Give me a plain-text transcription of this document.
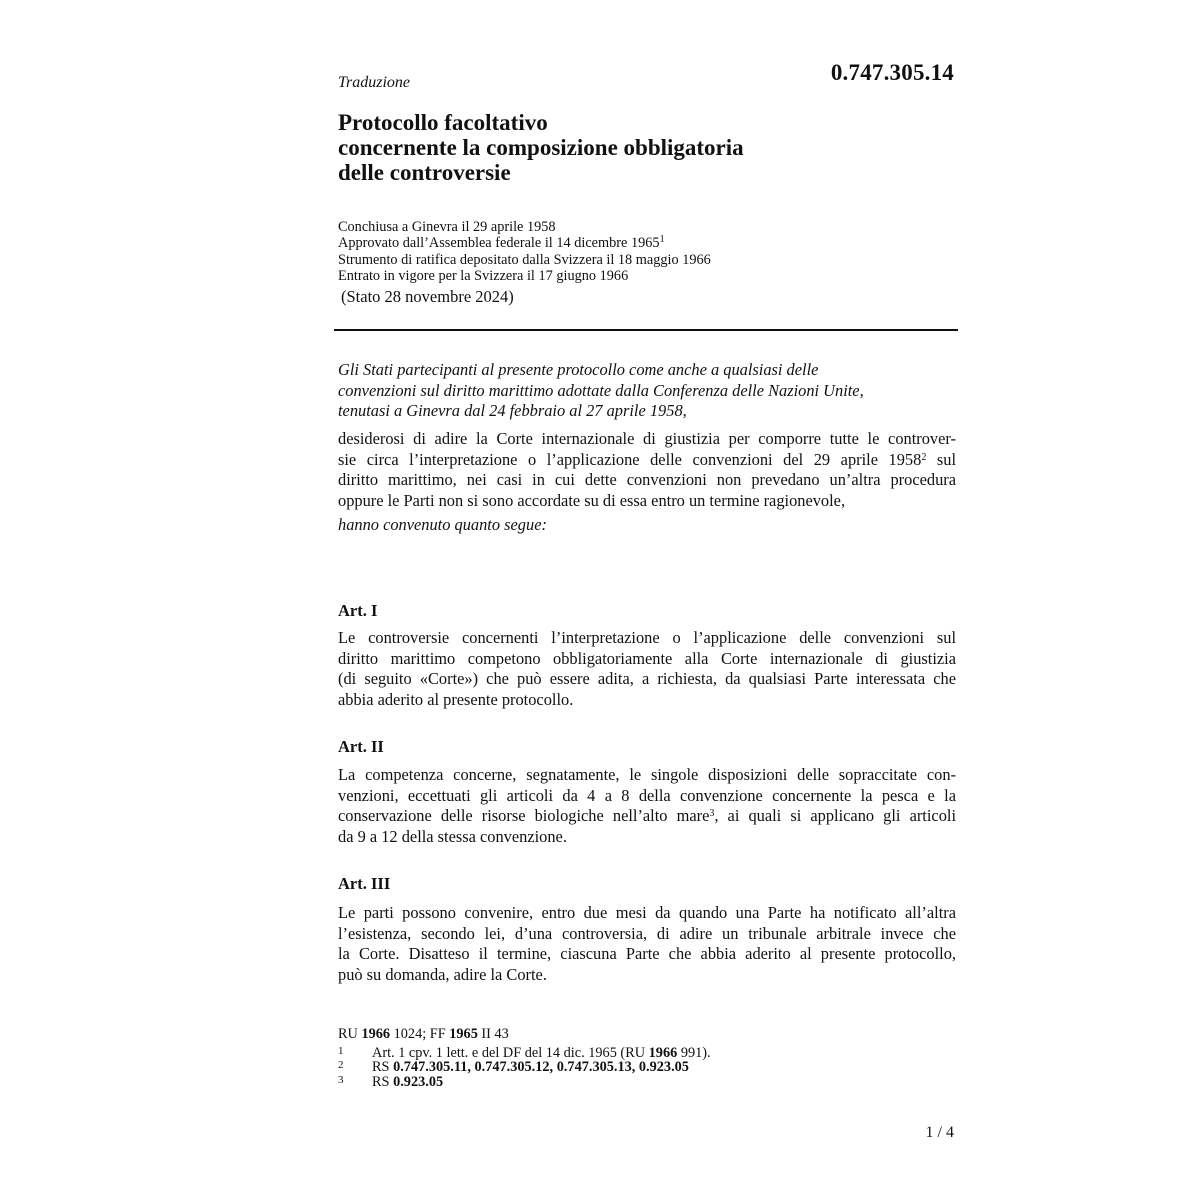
Traduzione	0.747.305.14
Protocollo facoltativo
concernente la composizione obbligatoria
delle controversie
Conchiusa a Ginevra il 29 aprile 1958
Approvato dall’Assemblea federale il 14 dicembre 1965$^1$
Strumento di ratifica depositato dalla Svizzera il 18 maggio 1966
Entrato in vigore per la Svizzera il 17 giugno 1966
(Stato 28 novembre 2024)
Gli Stati partecipanti al presente protocollo come anche a qualsiasi delle
convenzioni sul diritto marittimo adottate dalla Conferenza delle Nazioni Unite,
tenutasi a Ginevra dal 24 febbraio al 27 aprile 1958,
desiderosi di adire la Corte internazionale di giustizia per comporre tutte le controver-
sie circa l’interpretazione o l’applicazione delle convenzioni del 29 aprile 1958$^2$ sul
diritto marittimo, nei casi in cui dette convenzioni non prevedano un’altra procedura
oppure le Parti non si sono accordate su di essa entro un termine ragionevole,
hanno convenuto quanto segue:
Art. I
Le controversie concernenti l’interpretazione o l’applicazione delle convenzioni sul
diritto marittimo competono obbligatoriamente alla Corte internazionale di giustizia
(di seguito «Corte») che può essere adita, a richiesta, da qualsiasi Parte interessata che
abbia aderito al presente protocollo.
Art. II
La competenza concerne, segnatamente, le singole disposizioni delle sopraccitate con-
venzioni, eccettuati gli articoli da 4 a 8 della convenzione concernente la pesca e la
conservazione delle risorse biologiche nell’alto mare$^3$, ai quali si applicano gli articoli
da 9 a 12 della stessa convenzione.
Art. III
Le parti possono convenire, entro due mesi da quando una Parte ha notificato all’altra
l’esistenza, secondo lei, d’una controversia, di adire un tribunale arbitrale invece che
la Corte. Disatteso il termine, ciascuna Parte che abbia aderito al presente protocollo,
può su domanda, adire la Corte.
RU 1966 1024; FF 1965 II 43
1	Art. 1 cpv. 1 lett. e del DF del 14 dic. 1965 (RU 1966 991).
2	RS 0.747.305.11, 0.747.305.12, 0.747.305.13, 0.923.05
3	RS 0.923.05
1 / 4
